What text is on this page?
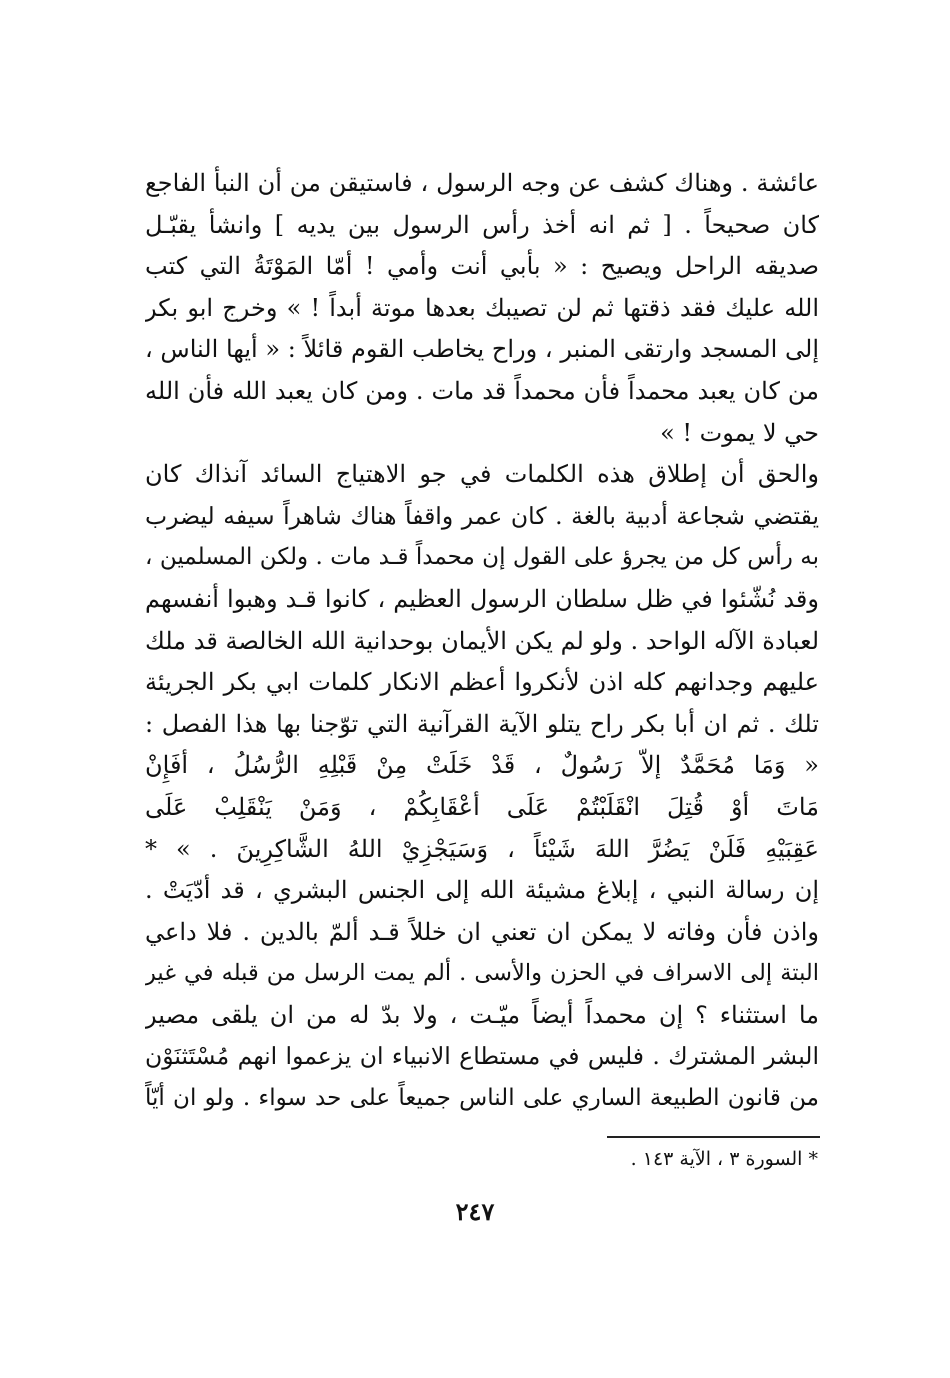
عائشة . وهناك كشف عن وجه الرسول ، فاستيقن من أن النبأ الفاجع
كان صحيحاً . [ ثم انه أخذ رأس الرسول بين يديه ] وانشأ يقبّـل
صديقه الراحل ويصيح : « بأبي أنت وأمي ! أمّا المَوْتَةُ التي كتب
الله عليك فقد ذقتها ثم لن تصيبك بعدها موتة أبداً ! » وخرج ابو بكر
إلى المسجد وارتقى المنبر ، وراح يخاطب القوم قائلاً : « أيها الناس ،
من كان يعبد محمداً فأن محمداً قد مات . ومن كان يعبد الله فأن الله
حي لا يموت ! »
والحق أن إطلاق هذه الكلمات في جو الاهتياج السائد آنذاك كان
يقتضي شجاعة أدبية بالغة . كان عمر واقفاً هناك شاهراً سيفه ليضرب
به رأس كل من يجرؤ على القول إن محمداً قـد مات . ولكن المسلمين ،
وقد نُشّئوا في ظل سلطان الرسول العظيم ، كانوا قـد وهبوا أنفسهم
لعبادة الآله الواحد . ولو لم يكن الأيمان بوحدانية الله الخالصة قد ملك
عليهم وجدانهم كله اذن لأنكروا أعظم الانكار كلمات ابي بكر الجريئة
تلك . ثم ان أبا بكر راح يتلو الآية القرآنية التي توّجنا بها هذا الفصل :
« وَمَا مُحَمَّدٌ إلاّ رَسُولٌ ، قَدْ خَلَتْ مِنْ قَبْلِهِ الرُّسُلُ ، أفَإِنْ
مَاتَ أوْ قُتِلَ انْقَلَبْتُمْ عَلَى أعْقَابِكُمْ ، وَمَنْ يَنْقَلِبْ عَلَى
عَقِبَيْهِ فَلَنْ يَضُرَّ اللهَ شَيْئاً ، وَسَيَجْزِيْ اللهُ الشَّاكِرِينَ . » *
إن رسالة النبي ، إبلاغ مشيئة الله إلى الجنس البشري ، قد أدّيَتْ .
واذن فأن وفاته لا يمكن ان تعني ان خللاً قـد ألمّ بالدين . فلا داعي
البتة إلى الاسراف في الحزن والأسى . ألم يمت الرسل من قبله في غير
ما استثناء ؟ إن محمداً أيضاً ميّـت ، ولا بدّ له من ان يلقى مصير
البشر المشترك . فليس في مستطاع الانبياء ان يزعموا انهم مُسْتَثنَوْن
من قانون الطبيعة الساري على الناس جميعاً على حد سواء . ولو ان أيّاً
* السورة ٣ ، الآية ١٤٣ .
٢٤٧
